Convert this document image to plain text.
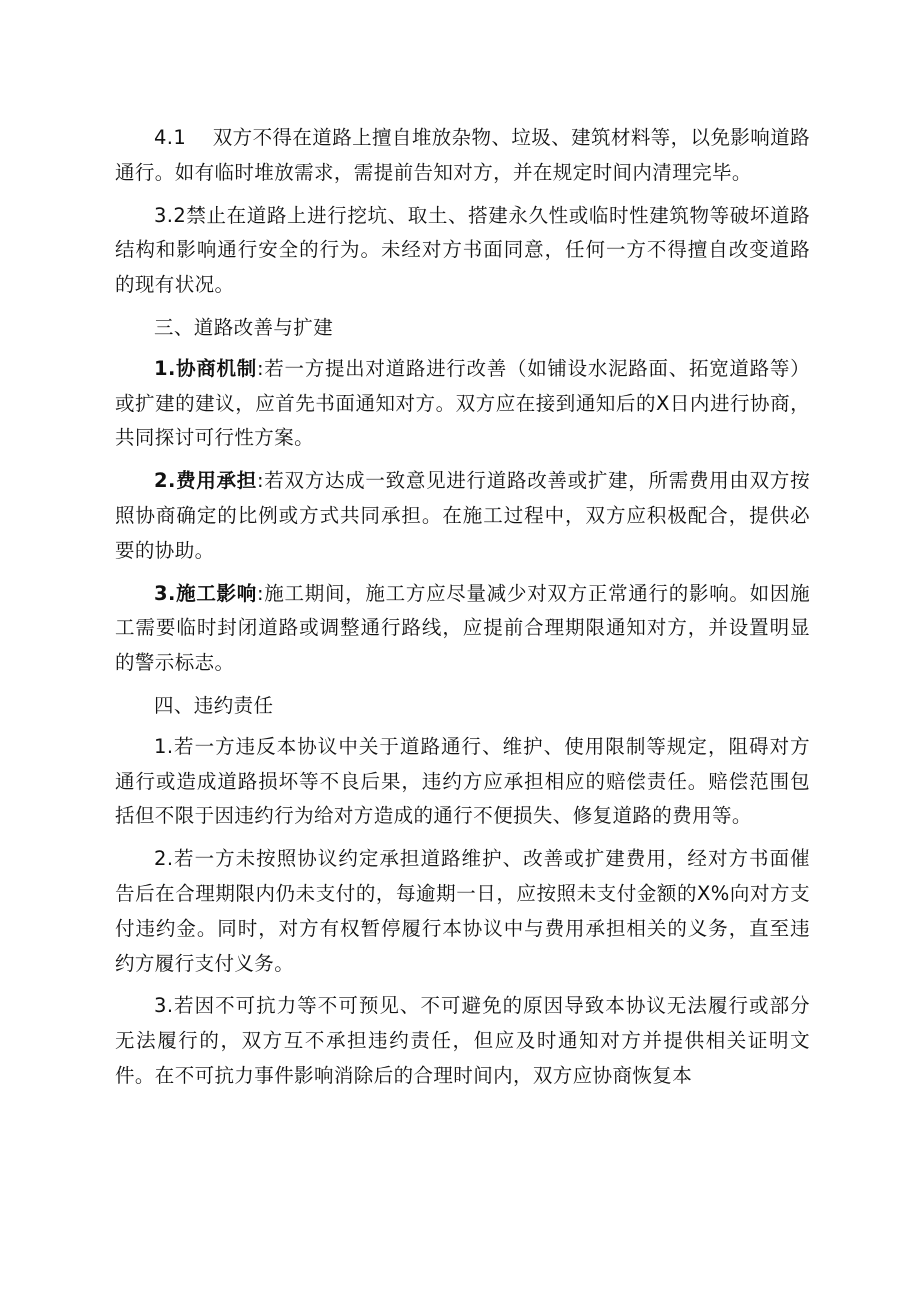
4.1　 双方不得在道路上擅自堆放杂物、垃圾、建筑材料等，以免影响道路通行。如有临时堆放需求，需提前告知对方，并在规定时间内清理完毕。

3.2禁止在道路上进行挖坑、取土、搭建永久性或临时性建筑物等破坏道路结构和影响通行安全的行为。未经对方书面同意，任何一方不得擅自改变道路的现有状况。

三、道路改善与扩建

1.协商机制:若一方提出对道路进行改善（如铺设水泥路面、拓宽道路等）或扩建的建议，应首先书面通知对方。双方应在接到通知后的X日内进行协商，共同探讨可行性方案。

2.费用承担:若双方达成一致意见进行道路改善或扩建，所需费用由双方按照协商确定的比例或方式共同承担。在施工过程中，双方应积极配合，提供必要的协助。

3.施工影响:施工期间，施工方应尽量减少对双方正常通行的影响。如因施工需要临时封闭道路或调整通行路线，应提前合理期限通知对方，并设置明显的警示标志。

四、违约责任

1.若一方违反本协议中关于道路通行、维护、使用限制等规定，阻碍对方通行或造成道路损坏等不良后果，违约方应承担相应的赔偿责任。赔偿范围包括但不限于因违约行为给对方造成的通行不便损失、修复道路的费用等。

2.若一方未按照协议约定承担道路维护、改善或扩建费用，经对方书面催告后在合理期限内仍未支付的，每逾期一日，应按照未支付金额的X%向对方支付违约金。同时，对方有权暂停履行本协议中与费用承担相关的义务，直至违约方履行支付义务。

3.若因不可抗力等不可预见、不可避免的原因导致本协议无法履行或部分无法履行的，双方互不承担违约责任，但应及时通知对方并提供相关证明文件。在不可抗力事件影响消除后的合理时间内，双方应协商恢复本
